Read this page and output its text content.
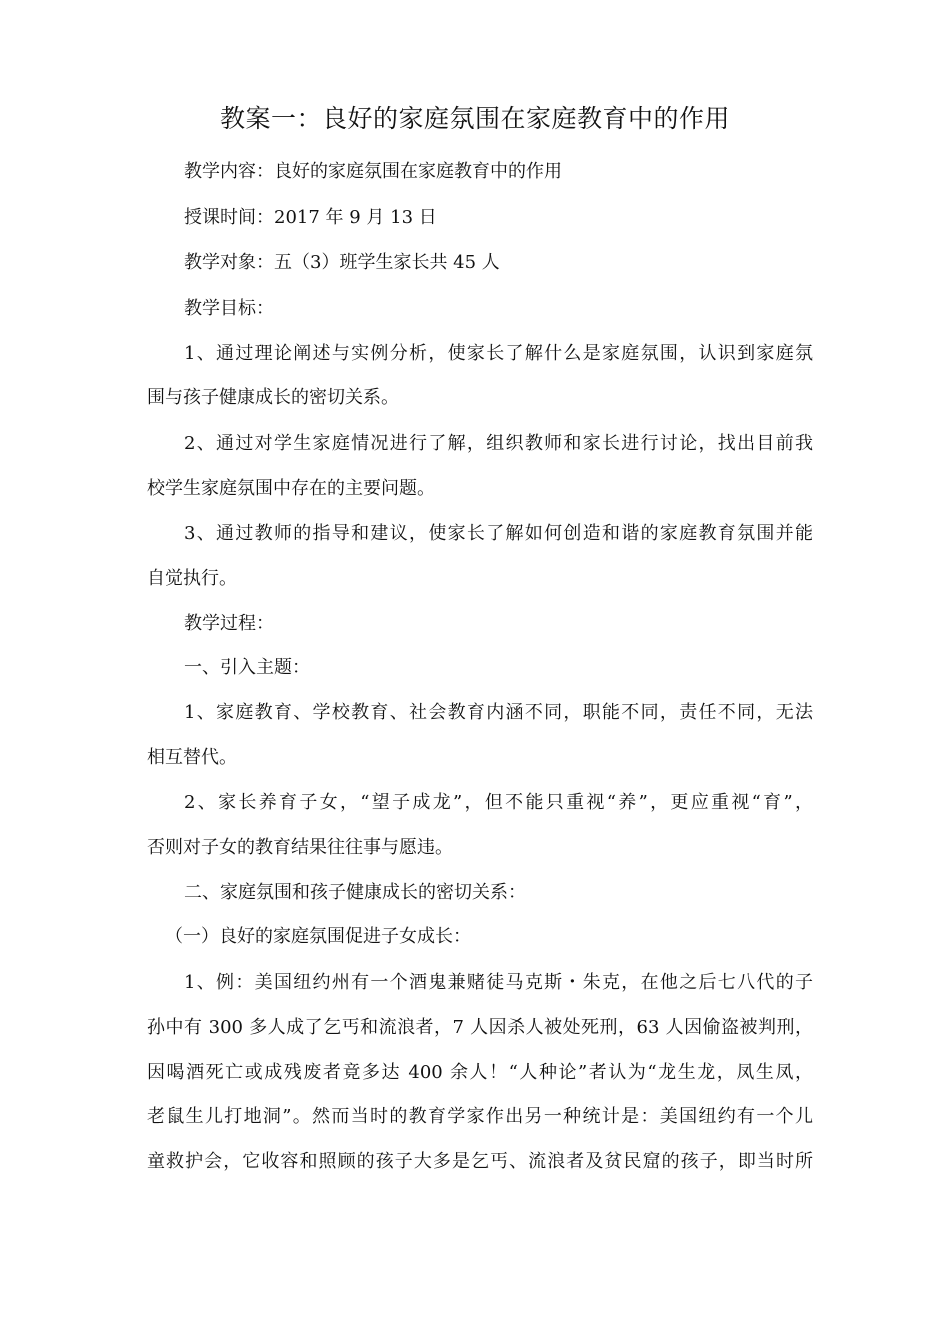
教案一：良好的家庭氛围在家庭教育中的作用
教学内容：良好的家庭氛围在家庭教育中的作用
授课时间：2017 年 9 月 13 日
教学对象：五（3）班学生家长共 45 人
教学目标：
1、通过理论阐述与实例分析，使家长了解什么是家庭氛围，认识到家庭氛
围与孩子健康成长的密切关系。
2、通过对学生家庭情况进行了解，组织教师和家长进行讨论，找出目前我
校学生家庭氛围中存在的主要问题。
3、通过教师的指导和建议，使家长了解如何创造和谐的家庭教育氛围并能
自觉执行。
教学过程：
一、引入主题：
1、家庭教育、学校教育、社会教育内涵不同，职能不同，责任不同，无法
相互替代。
2、家长养育子女，“望子成龙”，但不能只重视“养”，更应重视“育”，
否则对子女的教育结果往往事与愿违。
二、家庭氛围和孩子健康成长的密切关系：
（一）良好的家庭氛围促进子女成长：
1、例：美国纽约州有一个酒鬼兼赌徒马克斯・朱克，在他之后七八代的子
孙中有 300 多人成了乞丐和流浪者，7 人因杀人被处死刑，63 人因偷盗被判刑，
因喝酒死亡或成残废者竟多达 400 余人！“人种论”者认为“龙生龙，凤生凤，
老鼠生儿打地洞”。然而当时的教育学家作出另一种统计是：美国纽约有一个儿
童救护会，它收容和照顾的孩子大多是乞丐、流浪者及贫民窟的孩子，即当时所
